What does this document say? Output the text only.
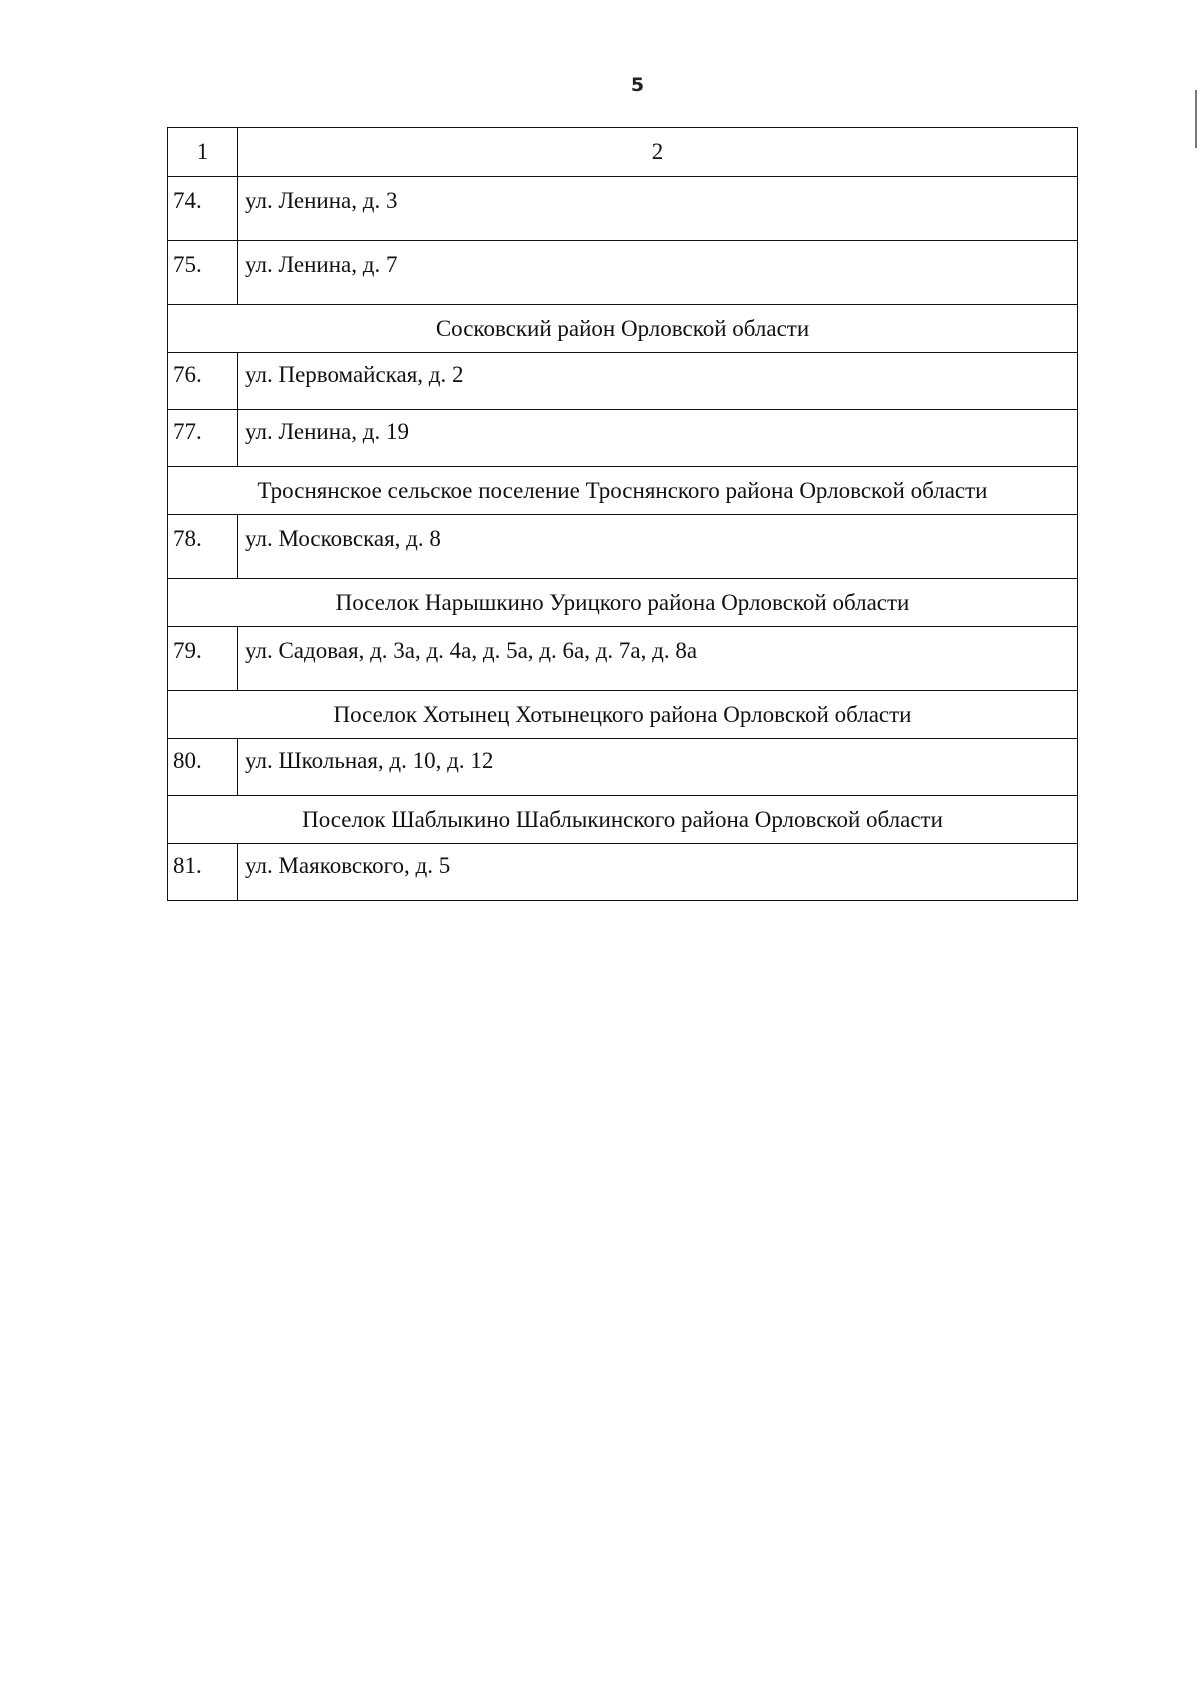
5
1	2
74.	ул. Ленина, д. 3
75.	ул. Ленина, д. 7
Сосковский район Орловской области	
76.	ул. Первомайская, д. 2
77.	ул. Ленина, д. 19
Троснянское сельское поселение Троснянского района Орловской области	
78.	ул. Московская, д. 8
Поселок Нарышкино Урицкого района Орловской области	
79.	ул. Садовая, д. 3а, д. 4а, д. 5а, д. 6а, д. 7а, д. 8а
Поселок Хотынец Хотынецкого района Орловской области	
80.	ул. Школьная, д. 10, д. 12
Поселок Шаблыкино Шаблыкинского района Орловской области	
81.	ул. Маяковского, д. 5
